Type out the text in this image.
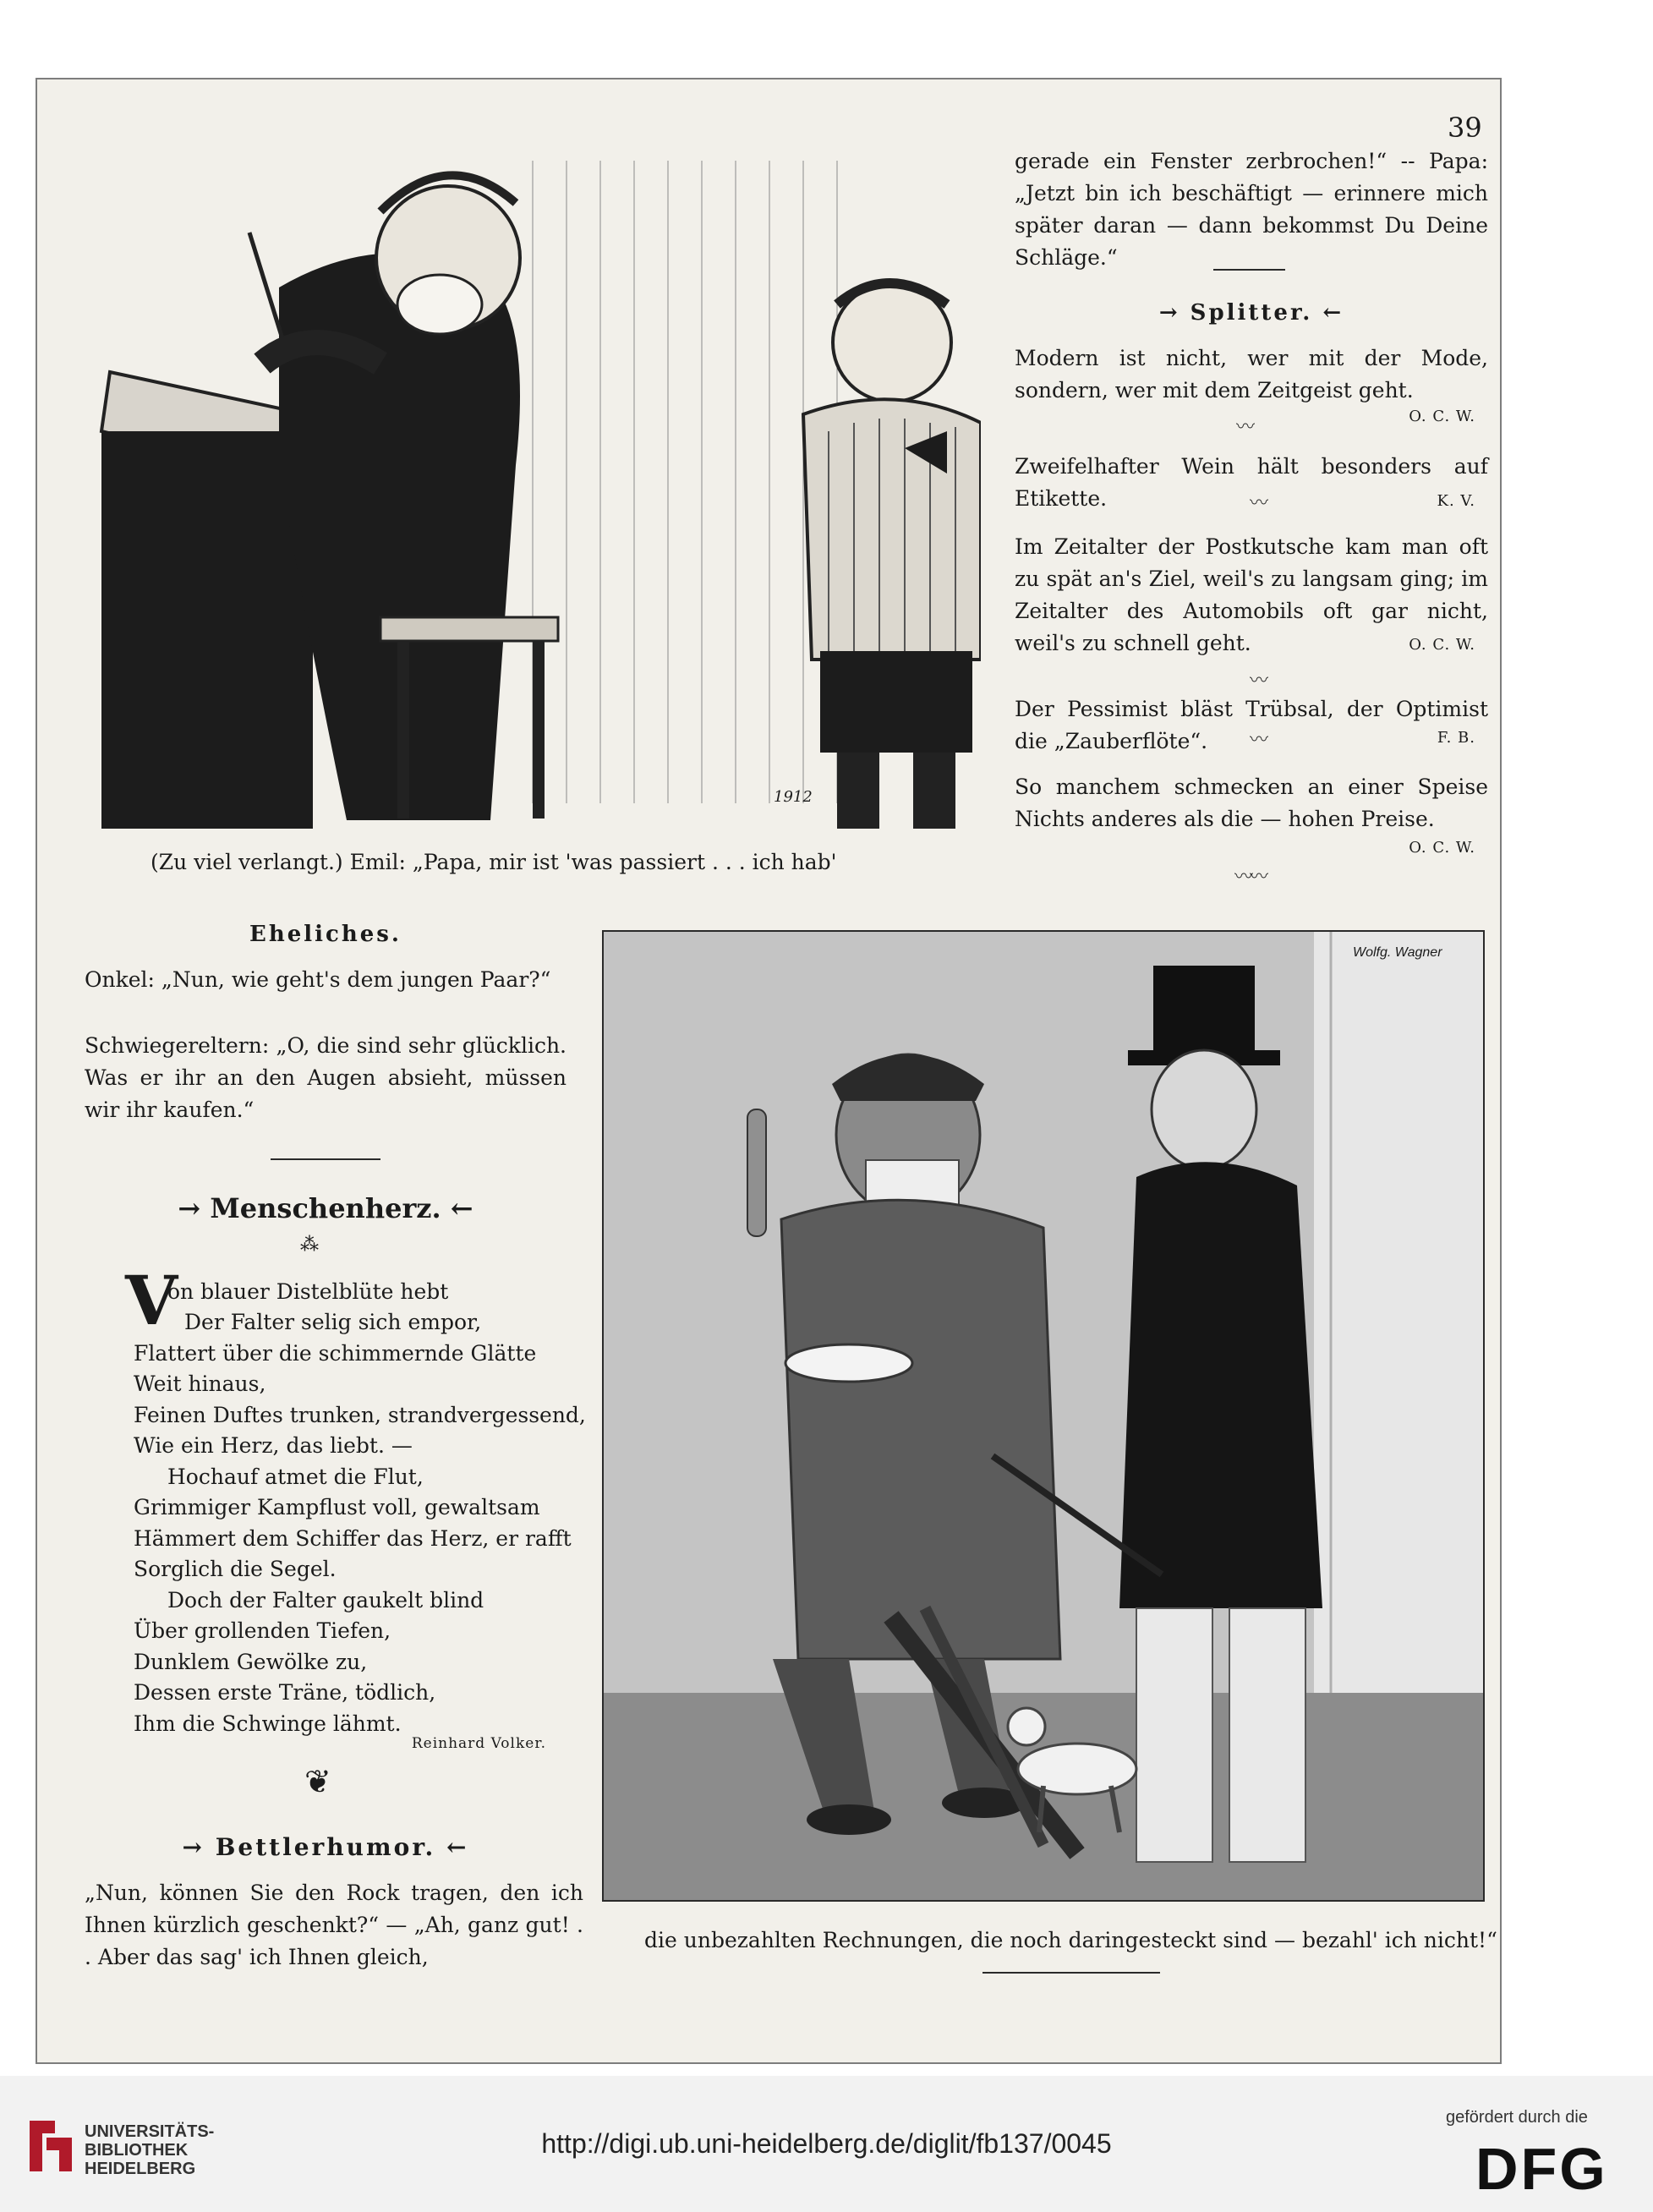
39
1912
(Zu viel verlangt.) Emil: „Papa, mir ist 'was passiert . . . ich hab'

gerade ein Fenster zerbrochen!“ -- Papa: „Jetzt bin ich beschäftigt — erinnere mich später daran — dann bekommst Du Deine Schläge.“

→ Splitter. ←

Modern ist nicht, wer mit der Mode, sondern, wer mit dem Zeitgeist geht.

O. C. W.
〰

Zweifelhafter Wein hält besonders auf Etikette.	K. V.
〰

Im Zeitalter der Postkutsche kam man oft zu spät an's Ziel, weil's zu langsam ging; im Zeitalter des Automobils oft gar nicht, weil's zu schnell geht.	O. C. W.
〰

Der Pessimist bläst Trübsal, der Optimist die „Zauberflöte“.	F. B.
〰

So manchem schmecken an einer Speise Nichts anderes als die — hohen Preise.

O. C. W.
〰〰
Eheliches.

Onkel: „Nun, wie geht's dem jungen Paar?“

Schwiegereltern: „O, die sind sehr glücklich. Was er ihr an den Augen absieht, müssen wir ihr kaufen.“

→ Menschenherz. ←
⁂
V
on blauer Distelblüte hebt
Der Falter selig sich empor,
Flattert über die schimmernde Glätte
Weit hinaus,
Feinen Duftes trunken, strandvergessend,
Wie ein Herz, das liebt. —
Hochauf atmet die Flut,
Grimmiger Kampflust voll, gewaltsam
Hämmert dem Schiffer das Herz, er rafft
Sorglich die Segel.
Doch der Falter gaukelt blind
Über grollenden Tiefen,
Dunklem Gewölke zu,
Dessen erste Träne, tödlich,
Ihm die Schwinge lähmt.
Reinhard Volker.
❦
→ Bettlerhumor. ←

„Nun, können Sie den Rock tragen, den ich Ihnen kürzlich geschenkt?“ — „Ah, ganz gut! . . Aber das sag' ich Ihnen gleich,

Wolfg. Wagner
die unbezahlten Rechnungen, die noch daringesteckt sind — bezahl' ich nicht!“
UNIVERSITÄTS-
BIBLIOTHEK
HEIDELBERG
http://digi.ub.uni-heidelberg.de/diglit/fb137/0045
gefördert durch die
DFG
